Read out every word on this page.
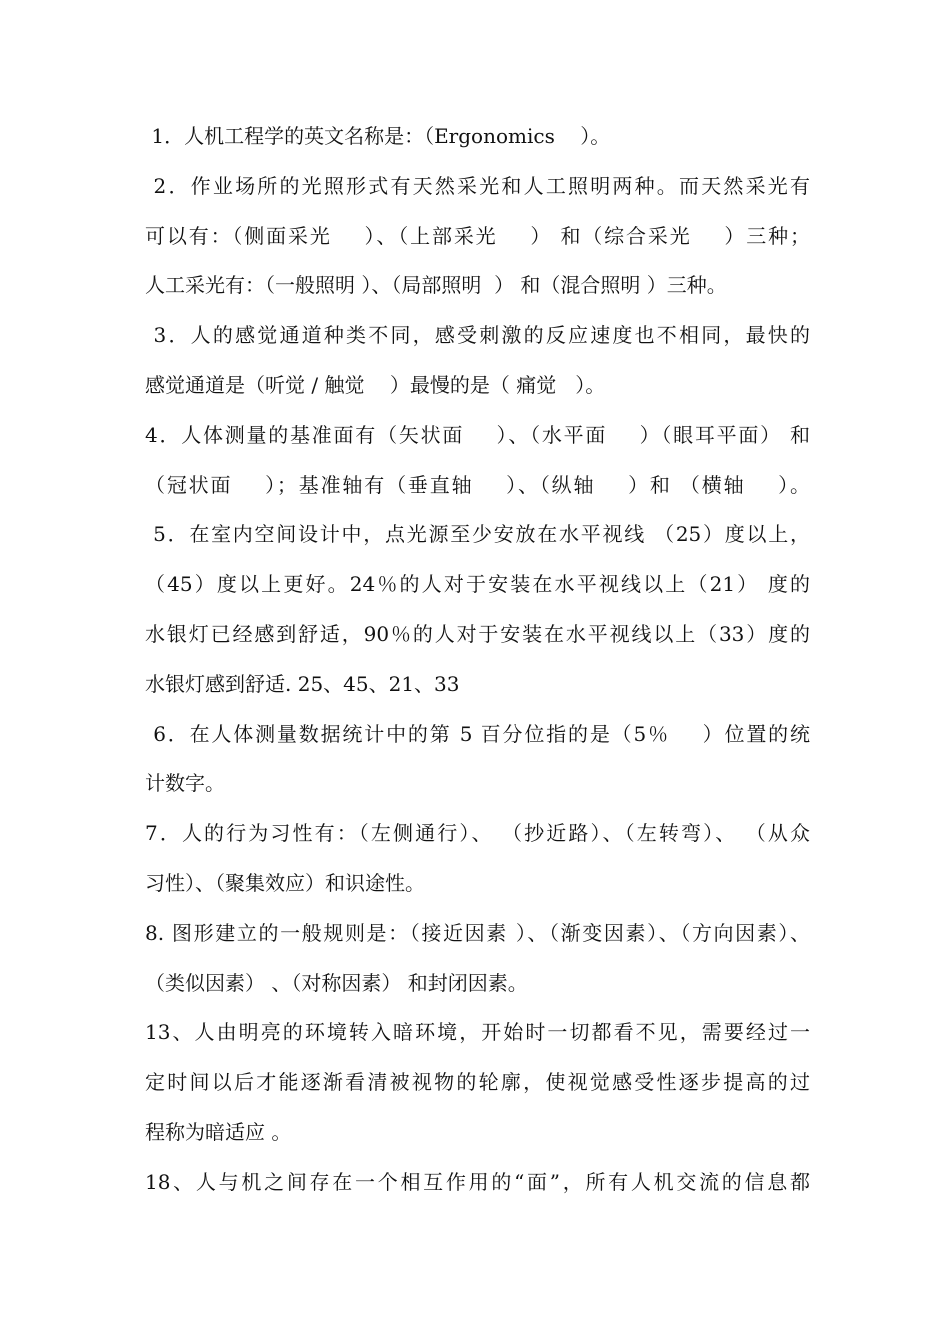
1．人机工程学的英文名称是：（Ergonomics    ）。
2．作业场所的光照形式有天然采光和人工照明两种。而天然采光有
可以有：（侧面采光    ）、（上部采光    ） 和（综合采光    ）三种；
人工采光有：（一般照明 ）、（局部照明  ） 和（混合照明 ）三种。
3．人的感觉通道种类不同，感受刺激的反应速度也不相同，最快的
感觉通道是（听觉 / 触觉    ）最慢的是（ 痛觉   ）。
4．人体测量的基准面有（矢状面    ）、（水平面    ）（眼耳平面） 和
（冠状面    ）；基准轴有（垂直轴    ）、（纵轴    ）和 （横轴    ）。
5．在室内空间设计中，点光源至少安放在水平视线 （25）度以上，
（45）度以上更好。24％的人对于安装在水平视线以上（21） 度的
水银灯已经感到舒适，90％的人对于安装在水平视线以上（33）度的
水银灯感到舒适. 25、45、21、33
6．在人体测量数据统计中的第 5 百分位指的是（5％    ）位置的统
计数字。
7．人的行为习性有：（左侧通行）、 （抄近路）、（左转弯）、 （从众
习性）、（聚集效应）和识途性。
8. 图形建立的一般规则是：（接近因素 ）、（渐变因素）、（方向因素）、
（类似因素） 、（对称因素） 和封闭因素。
13、人由明亮的环境转入暗环境，开始时一切都看不见，需要经过一
定时间以后才能逐渐看清被视物的轮廓，使视觉感受性逐步提高的过
程称为暗适应 。
18、人与机之间存在一个相互作用的“面”，所有人机交流的信息都
